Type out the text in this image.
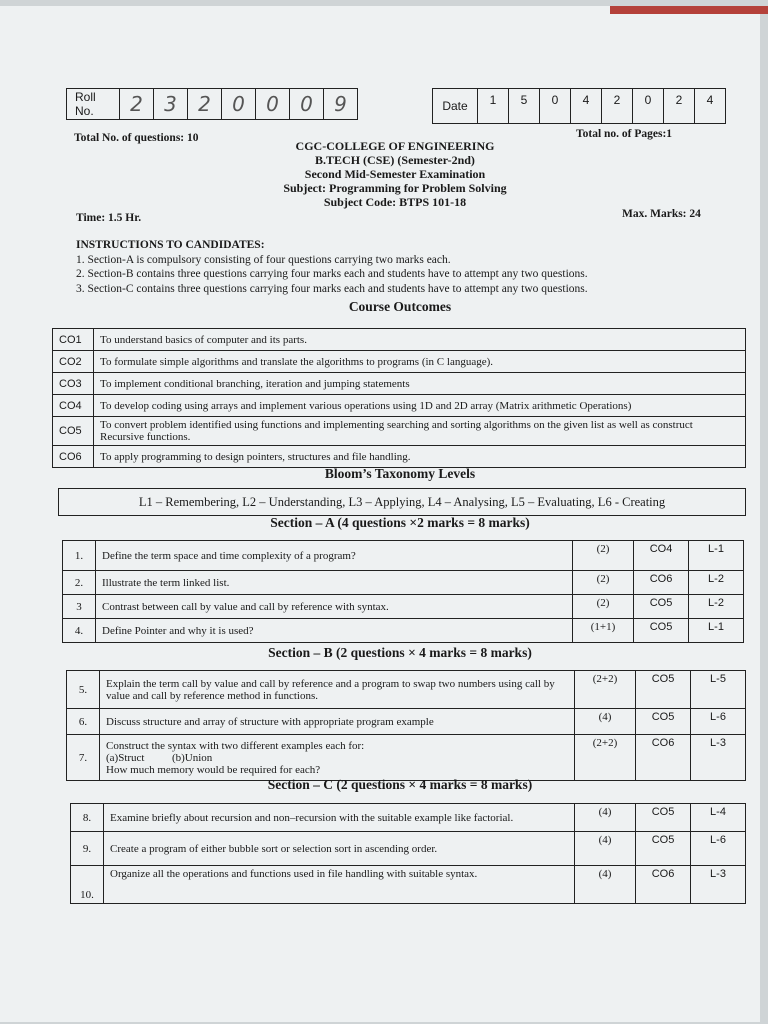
Roll
No.	2	3	2	0	0	0	9	Date	1	5	0	4	2	0	2	4
Total No. of questions: 10	Total no. of Pages:1
CGC-COLLEGE OF ENGINEERING
B.TECH (CSE) (Semester-2nd)
Second Mid-Semester Examination
Subject: Programming for Problem Solving
Subject Code: BTPS 101-18
Time: 1.5 Hr.	Max. Marks: 24
INSTRUCTIONS TO CANDIDATES:
1. Section-A is compulsory consisting of four questions carrying two marks each.
2. Section-B contains three questions carrying four marks each and students have to attempt any two questions.
3. Section-C contains three questions carrying four marks each and students have to attempt any two questions.
Course Outcomes
CO1	To understand basics of computer and its parts.
CO2	To formulate simple algorithms and translate the algorithms to programs (in C language).
CO3	To implement conditional branching, iteration and jumping statements
CO4	To develop coding using arrays and implement various operations using 1D and 2D array (Matrix arithmetic Operations)
CO5	To convert problem identified using functions and implementing searching and sorting algorithms on the given list as well as construct Recursive functions.
CO6	To apply programming to design pointers, structures and file handling.
Bloom’s Taxonomy Levels
L1 – Remembering, L2 – Understanding, L3 – Applying, L4 – Analysing, L5 – Evaluating, L6 - Creating
Section – A (4 questions ×2 marks = 8 marks)
1.	Define the term space and time complexity of a program?	(2)	CO4	L-1
2.	Illustrate the term linked list.	(2)	CO6	L-2
3	Contrast between call by value and call by reference with syntax.	(2)	CO5	L-2
4.	Define Pointer and why it is used?	(1+1)	CO5	L-1
Section – B (2 questions × 4 marks = 8 marks)
5.	Explain the term call by value and call by reference and a program to swap two numbers using call by value and call by reference method in functions.	(2+2)	CO5	L-5
6.	Discuss structure and array of structure with appropriate program example	(4)	CO5	L-6
7.	Construct the syntax with two different examples each for:
(a)Struct          (b)Union
How much memory would be required for each?	(2+2)	CO6	L-3
Section – C (2 questions × 4 marks = 8 marks)
8.	Examine briefly about recursion and non–recursion with the suitable example like factorial.	(4)	CO5	L-4
9.	Create a program of either bubble sort or selection sort in ascending order.	(4)	CO5	L-6
10.	Organize all the operations and functions used in file handling with suitable syntax.	(4)	CO6	L-3
